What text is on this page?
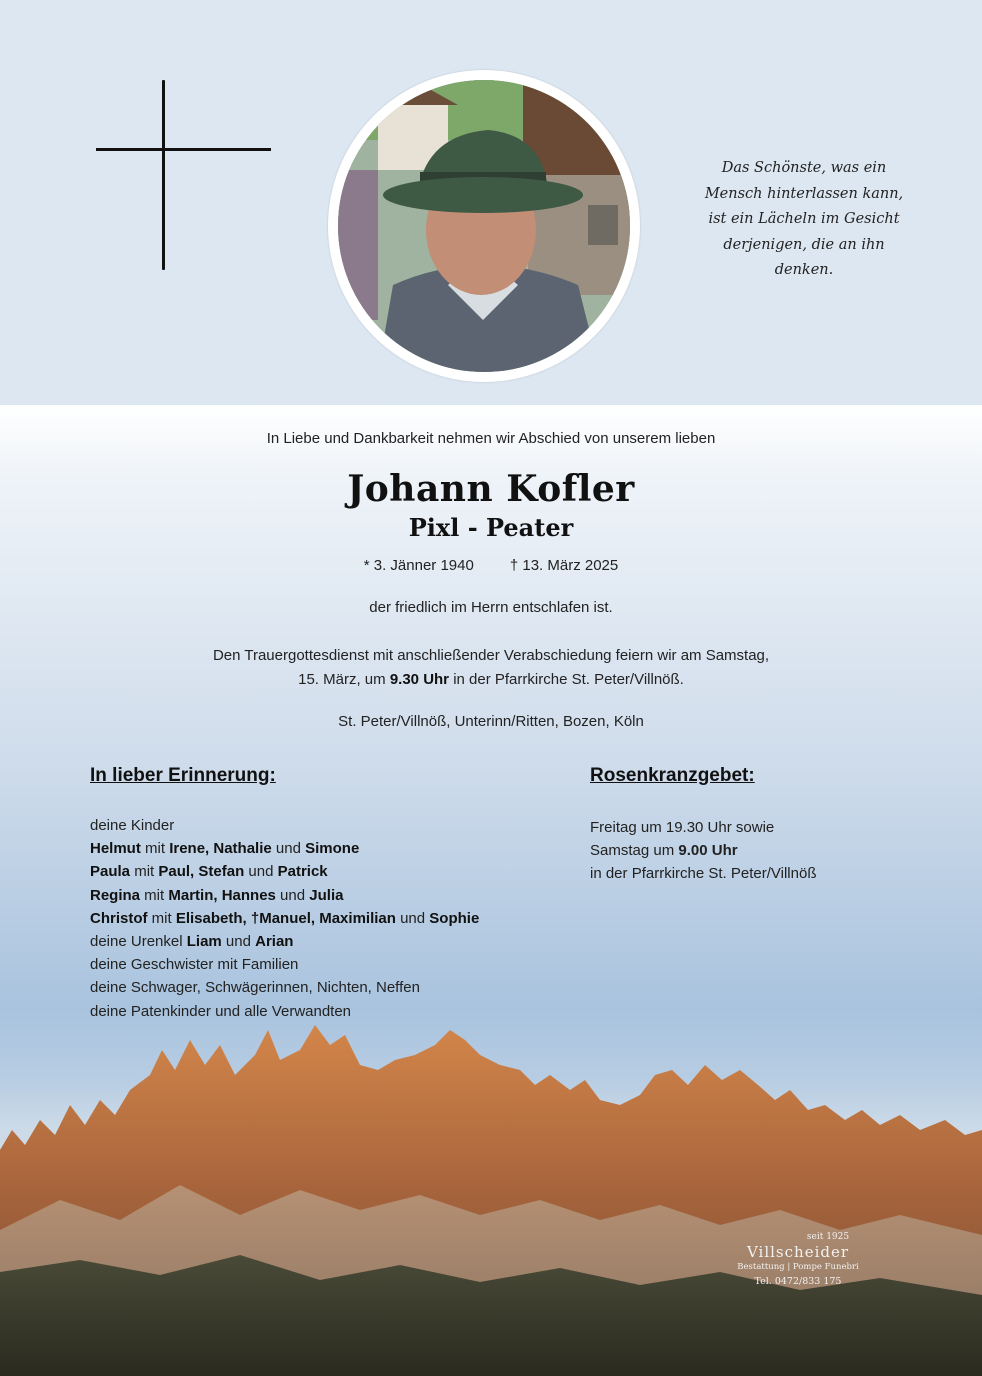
Das Schönste, was ein
Mensch hinterlassen kann,
ist ein Lächeln im Gesicht
derjenigen, die an ihn
denken.
In Liebe und Dankbarkeit nehmen wir Abschied von unserem lieben
Johann Kofler
Pixl - Peater
* 3. Jänner 1940 † 13. März 2025
der friedlich im Herrn entschlafen ist.
Den Trauergottesdienst mit anschließender Verabschiedung feiern wir am Samstag,
15. März, um 9.30 Uhr in der Pfarrkirche St. Peter/Villnöß.
St. Peter/Villnöß, Unterinn/Ritten, Bozen, Köln
In lieber Erinnerung:	Rosenkranzgebet:
deine Kinder
Helmut mit Irene, Nathalie und Simone
Paula mit Paul, Stefan und Patrick
Regina mit Martin, Hannes und Julia
Christof mit Elisabeth, †Manuel, Maximilian und Sophie
deine Urenkel Liam und Arian
deine Geschwister mit Familien
deine Schwager, Schwägerinnen, Nichten, Neffen
deine Patenkinder und alle Verwandten
Freitag um 19.30 Uhr sowie
Samstag um 9.00 Uhr
in der Pfarrkirche St. Peter/Villnöß
seit 1925
Villscheider
Bestattung | Pompe Funebri
Tel. 0472/833 175
